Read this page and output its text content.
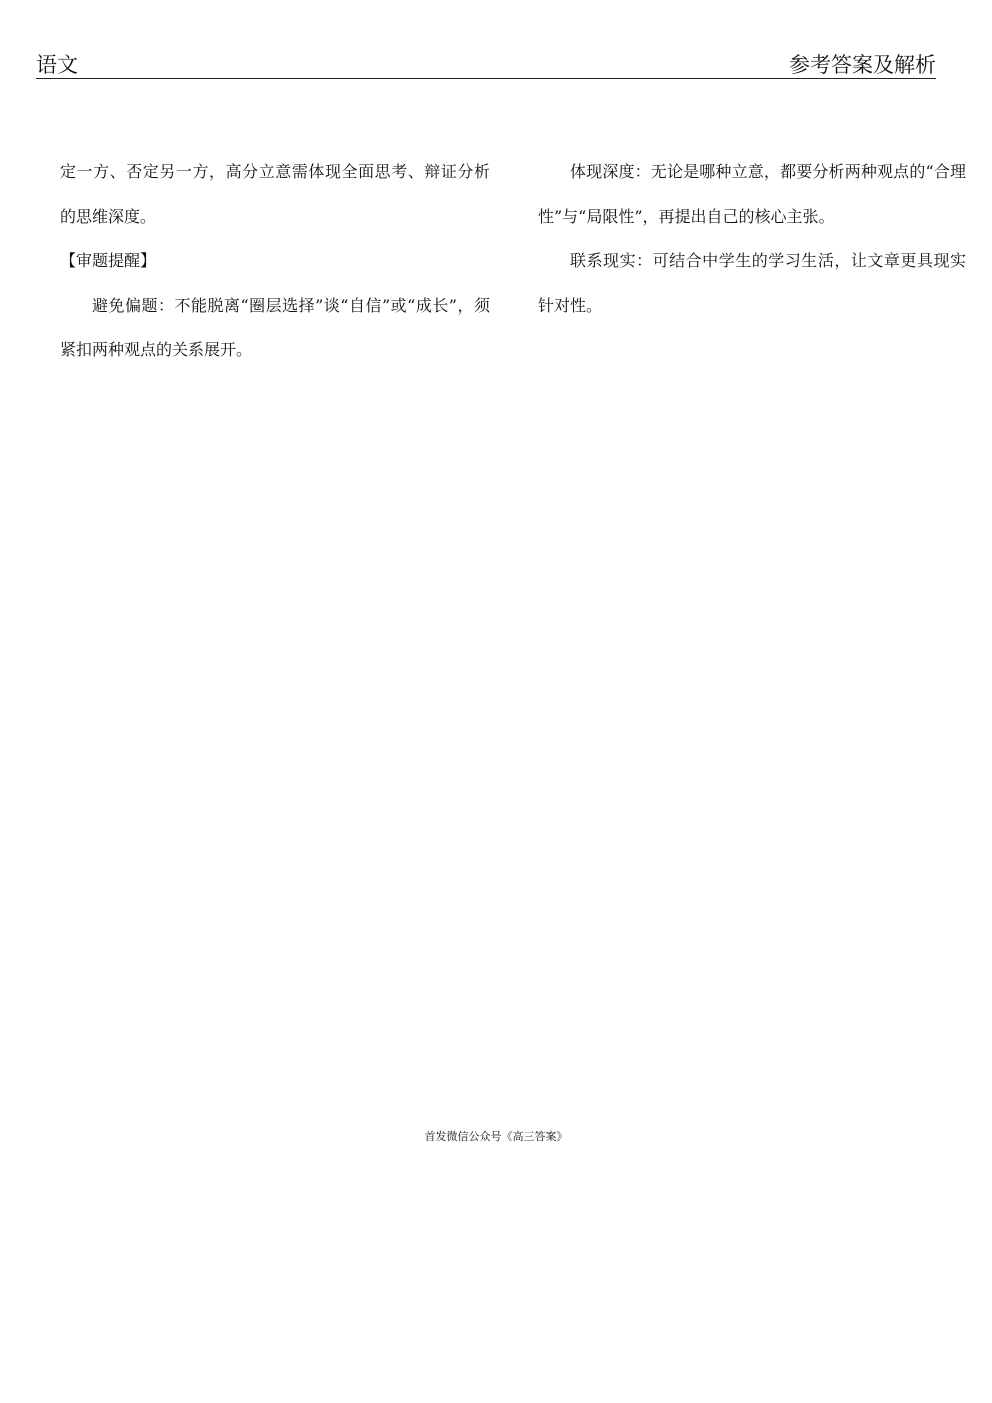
语文	参考答案及解析

定一方、否定另一方，高分立意需体现全面思考、辩证分析的思维深度。

【审题提醒】

避免偏题：不能脱离“圈层选择”谈“自信”或“成长”，须紧扣两种观点的关系展开。

体现深度：无论是哪种立意，都要分析两种观点的“合理性”与“局限性”，再提出自己的核心主张。

联系现实：可结合中学生的学习生活，让文章更具现实针对性。

首发微信公众号《高三答案》
